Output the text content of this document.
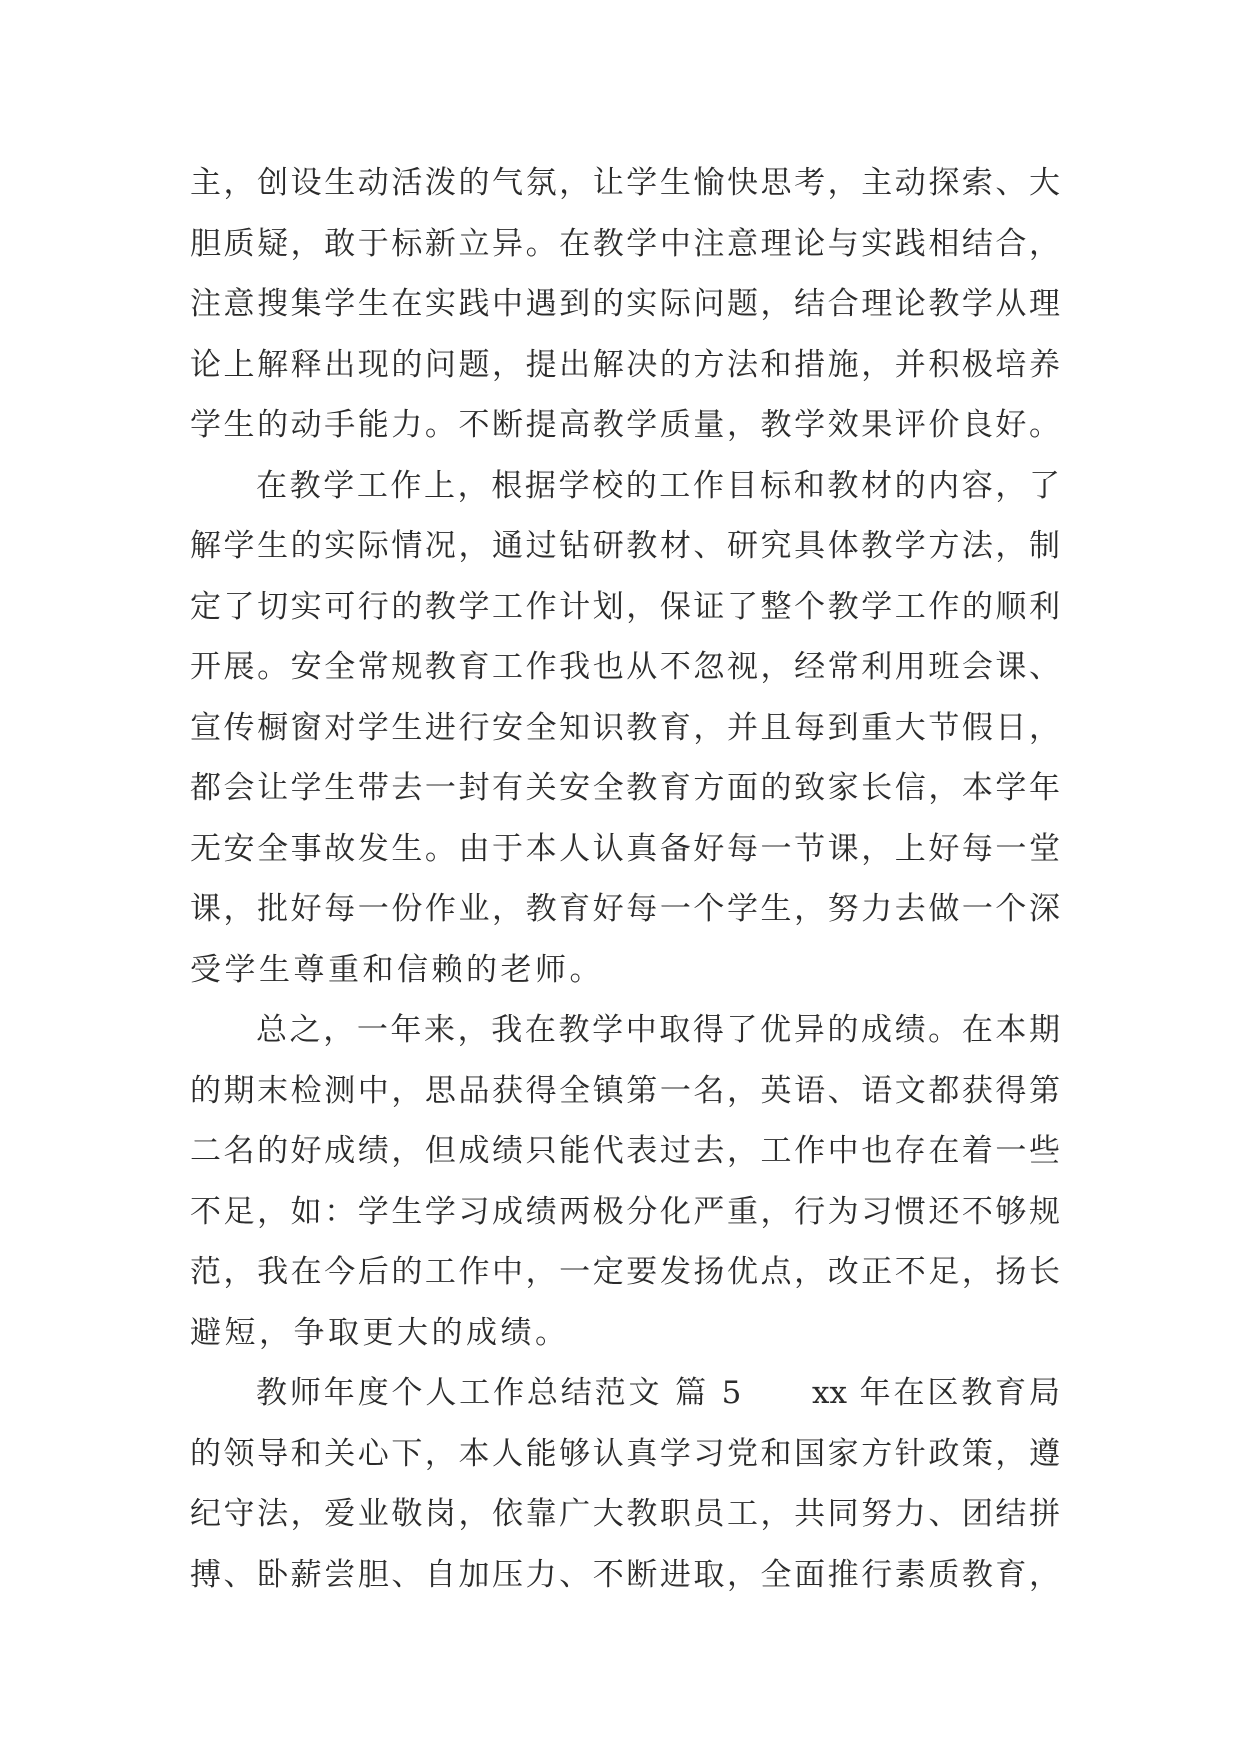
主，创设生动活泼的气氛，让学生愉快思考，主动探索、大
胆质疑，敢于标新立异。在教学中注意理论与实践相结合，
注意搜集学生在实践中遇到的实际问题，结合理论教学从理
论上解释出现的问题，提出解决的方法和措施，并积极培养
学生的动手能力。不断提高教学质量，教学效果评价良好。
在教学工作上，根据学校的工作目标和教材的内容，了
解学生的实际情况，通过钻研教材、研究具体教学方法，制
定了切实可行的教学工作计划，保证了整个教学工作的顺利
开展。安全常规教育工作我也从不忽视，经常利用班会课、
宣传橱窗对学生进行安全知识教育，并且每到重大节假日，
都会让学生带去一封有关安全教育方面的致家长信，本学年
无安全事故发生。由于本人认真备好每一节课，上好每一堂
课，批好每一份作业，教育好每一个学生，努力去做一个深
受学生尊重和信赖的老师。
总之，一年来，我在教学中取得了优异的成绩。在本期
的期末检测中，思品获得全镇第一名，英语、语文都获得第
二名的好成绩，但成绩只能代表过去，工作中也存在着一些
不足，如：学生学习成绩两极分化严重，行为习惯还不够规
范，我在今后的工作中，一定要发扬优点，改正不足，扬长
避短，争取更大的成绩。
教师年度个人工作总结范文 篇 5　　xx 年在区教育局
的领导和关心下，本人能够认真学习党和国家方针政策，遵
纪守法，爱业敬岗，依靠广大教职员工，共同努力、团结拼
搏、卧薪尝胆、自加压力、不断进取，全面推行素质教育，
